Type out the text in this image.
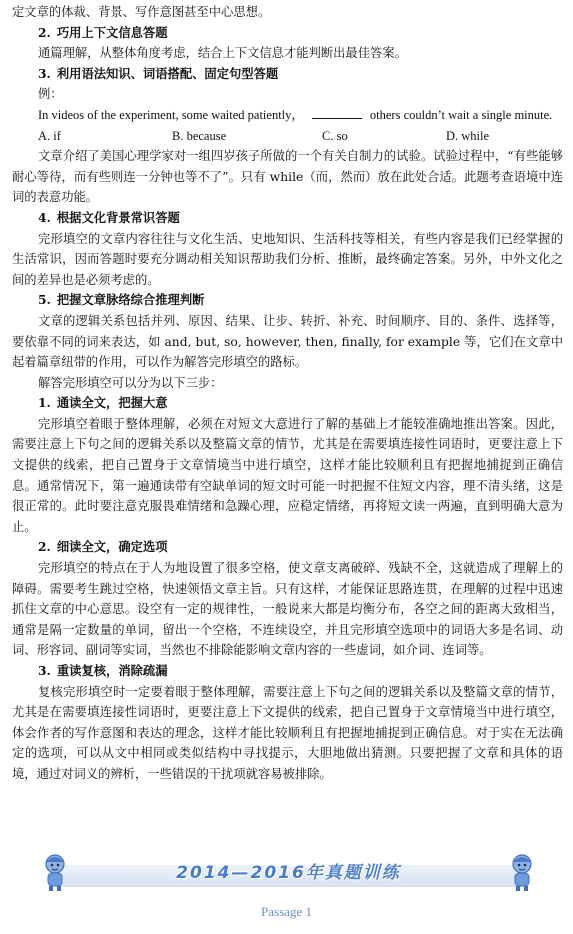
定文章的体裁、背景、写作意图甚至中心思想。

2. 巧用上下文信息答题

通篇理解，从整体角度考虑，结合上下文信息才能判断出最佳答案。

3. 利用语法知识、词语搭配、固定句型答题

例：

In videos of the experiment, some waited patiently，	others couldn’t wait a single minute.

A. if	B. because	C. so	D. while

文章介绍了美国心理学家对一组四岁孩子所做的一个有关自制力的试验。试验过程中，“有些能够耐心等待，而有些则连一分钟也等不了”。只有 while（而，然而）放在此处合适。此题考查语境中连词的表意功能。

4. 根据文化背景常识答题

完形填空的文章内容往往与文化生活、史地知识、生活科技等相关，有些内容是我们已经掌握的生活常识，因而答题时要充分调动相关知识帮助我们分析、推断，最终确定答案。另外，中外文化之间的差异也是必须考虑的。

5. 把握文章脉络综合推理判断

文章的逻辑关系包括并列、原因、结果、让步、转折、补充、时间顺序、目的、条件、选择等，要依靠不同的词来表达，如 and, but, so, however, then, finally, for example 等，它们在文章中起着篇章纽带的作用，可以作为解答完形填空的路标。

解答完形填空可以分为以下三步：

1. 通读全文，把握大意

完形填空着眼于整体理解，必须在对短文大意进行了解的基础上才能较准确地推出答案。因此，需要注意上下句之间的逻辑关系以及整篇文章的情节，尤其是在需要填连接性词语时，更要注意上下文提供的线索，把自己置身于文章情境当中进行填空，这样才能比较顺利且有把握地捕捉到正确信息。通常情况下，第一遍通读带有空缺单词的短文时可能一时把握不住短文内容，理不清头绪，这是很正常的。此时要注意克服畏难情绪和急躁心理，应稳定情绪，再将短文读一两遍，直到明确大意为止。

2. 细读全文，确定选项

完形填空的特点在于人为地设置了很多空格，使文章支离破碎、残缺不全，这就造成了理解上的障碍。需要考生跳过空格，快速领悟文章主旨。只有这样，才能保证思路连贯，在理解的过程中迅速抓住文章的中心意思。设空有一定的规律性，一般说来大都是均衡分布，各空之间的距离大致相当，通常是隔一定数量的单词，留出一个空格，不连续设空，并且完形填空选项中的词语大多是名词、动词、形容词、副词等实词，当然也不排除能影响文章内容的一些虚词，如介词、连词等。

3. 重读复核，消除疏漏

复核完形填空时一定要着眼于整体理解，需要注意上下句之间的逻辑关系以及整篇文章的情节，尤其是在需要填连接性词语时，更要注意上下文提供的线索，把自己置身于文章情境当中进行填空，体会作者的写作意图和表达的理念，这样才能比较顺利且有把握地捕捉到正确信息。对于实在无法确定的选项，可以从文中相同或类似结构中寻找提示，大胆地做出猜测。只要把握了文章和具体的语境，通过对词义的辨析，一些错误的干扰项就容易被排除。

2014—2016年真题训练
Passage 1
